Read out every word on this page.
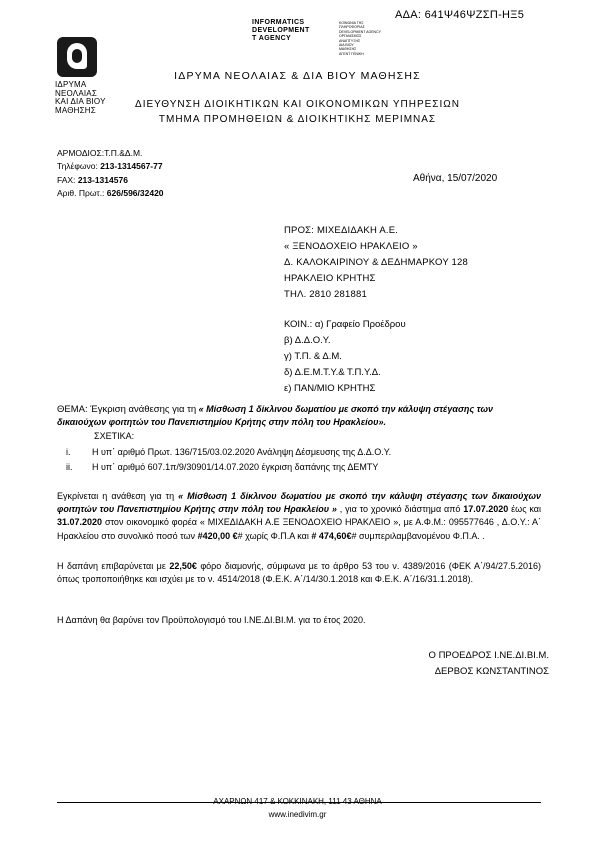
ΑΔΑ: 641Ψ46ΨΖΣΠ-ΗΞ5
INFORMATICS
DEVELOPMENT
T AGENCY
ΚΟΙΝΩΝΙΑ ΤΗΣ
ΠΛΗΡΟΦΟΡΙΑΣ
DEVELOPMENT AGENCY
ΟΡΓΑΝΙΣΜΟΣ
ΑΝΑΠΤΥΞΗΣ
ΔΙΑ ΒΙΟΥ
ΜΑΘΗΣΗΣ
ΑΓΕΝΤ ΓΕΝΙΚΗ
ΙΔΡΥΜΑ
ΝΕΟΛΑΙΑΣ
ΚΑΙ ΔΙΑ ΒΙΟΥ
ΜΑΘΗΣΗΣ
ΙΔΡΥΜΑ ΝΕΟΛΑΙΑΣ & ΔΙΑ ΒΙΟΥ ΜΑΘΗΣΗΣ
ΔΙΕΥΘΥΝΣΗ ΔΙΟΙΚΗΤΙΚΩΝ ΚΑΙ ΟΙΚΟΝΟΜΙΚΩΝ ΥΠΗΡΕΣΙΩΝ
ΤΜΗΜΑ ΠΡΟΜΗΘΕΙΩΝ & ΔΙΟΙΚΗΤΙΚΗΣ ΜΕΡΙΜΝΑΣ
ΑΡΜΟΔΙΟΣ:Τ.Π.&Δ.Μ.
Τηλέφωνο: 213-1314567-77
FAX: 213-1314576
Αριθ. Πρωτ.: 626/596/32420
Αθήνα, 15/07/2020
ΠΡΟΣ: ΜΙΧΕΔΙΔΑΚΗ Α.Ε.
« ΞΕΝΟΔΟΧΕΙΟ ΗΡΑΚΛΕΙΟ »
Δ. ΚΑΛΟΚΑΙΡΙΝΟΥ & ΔΕΔΗΜΑΡΚΟΥ 128
ΗΡΑΚΛΕΙΟ ΚΡΗΤΗΣ
ΤΗΛ. 2810 281881
ΚΟΙΝ.: α) Γραφείο Προέδρου
β) Δ.Δ.Ο.Υ.
γ) Τ.Π. & Δ.Μ.
δ) Δ.Ε.Μ.Τ.Υ.& Τ.Π.Υ.Δ.
ε) ΠΑΝ/ΜΙΟ ΚΡΗΤΗΣ
ΘΕΜΑ: Έγκριση ανάθεσης για τη « Μίσθωση 1 δίκλινου δωματίου με σκοπό την κάλυψη στέγασης των δικαιούχων φοιτητών του Πανεπιστημίου Κρήτης στην πόλη του Ηρακλείου».
ΣΧΕΤΙΚΑ:
i. Η υπ΄ αριθμό Πρωτ. 136/715/03.02.2020 Ανάληψη Δέσμευσης της Δ.Δ.Ο.Υ.
ii. Η υπ΄ αριθμό 607.1π/9/30901/14.07.2020 έγκριση δαπάνης της ΔΕΜΤΥ
Εγκρίνεται η ανάθεση για τη « Μίσθωση 1 δίκλινου δωματίου με σκοπό την κάλυψη στέγασης των δικαιούχων φοιτητών του Πανεπιστημίου Κρήτης στην πόλη του Ηρακλείου » , για το χρονικό διάστημα από 17.07.2020 έως και 31.07.2020 στον οικονομικό φορέα « ΜΙΧΕΔΙΔΑΚΗ Α.Ε ΞΕΝΟΔΟΧΕΙΟ ΗΡΑΚΛΕΙΟ », με Α.Φ.Μ.: 095577646 , Δ.Ο.Υ.: Α΄ Ηρακλείου στο συνολικό ποσό των #420,00 €# χωρίς Φ.Π.Α και # 474,60€# συμπεριλαμβανομένου Φ.Π.Α. .
Η δαπάνη επιβαρύνεται με 22,50€ φόρο διαμονής, σύμφωνα με το άρθρο 53 του ν. 4389/2016 (ΦΕΚ Α΄/94/27.5.2016) όπως τροποποιήθηκε και ισχύει με το ν. 4514/2018 (Φ.Ε.Κ. Α΄/14/30.1.2018 και Φ.Ε.Κ. Α΄/16/31.1.2018).
Η Δαπάνη θα βαρύνει τον Προϋπολογισμό του Ι.ΝΕ.ΔΙ.ΒΙ.Μ. για το έτος 2020.
Ο ΠΡΟΕΔΡΟΣ Ι.ΝΕ.ΔΙ.ΒΙ.Μ.
ΔΕΡΒΟΣ ΚΩΝΣΤΑΝΤΙΝΟΣ
ΑΧΑΡΝΩΝ 417 & ΚΟΚΚΙΝΑΚΗ, 111 43 ΑΘΗΝΑ
www.inedivim.gr
